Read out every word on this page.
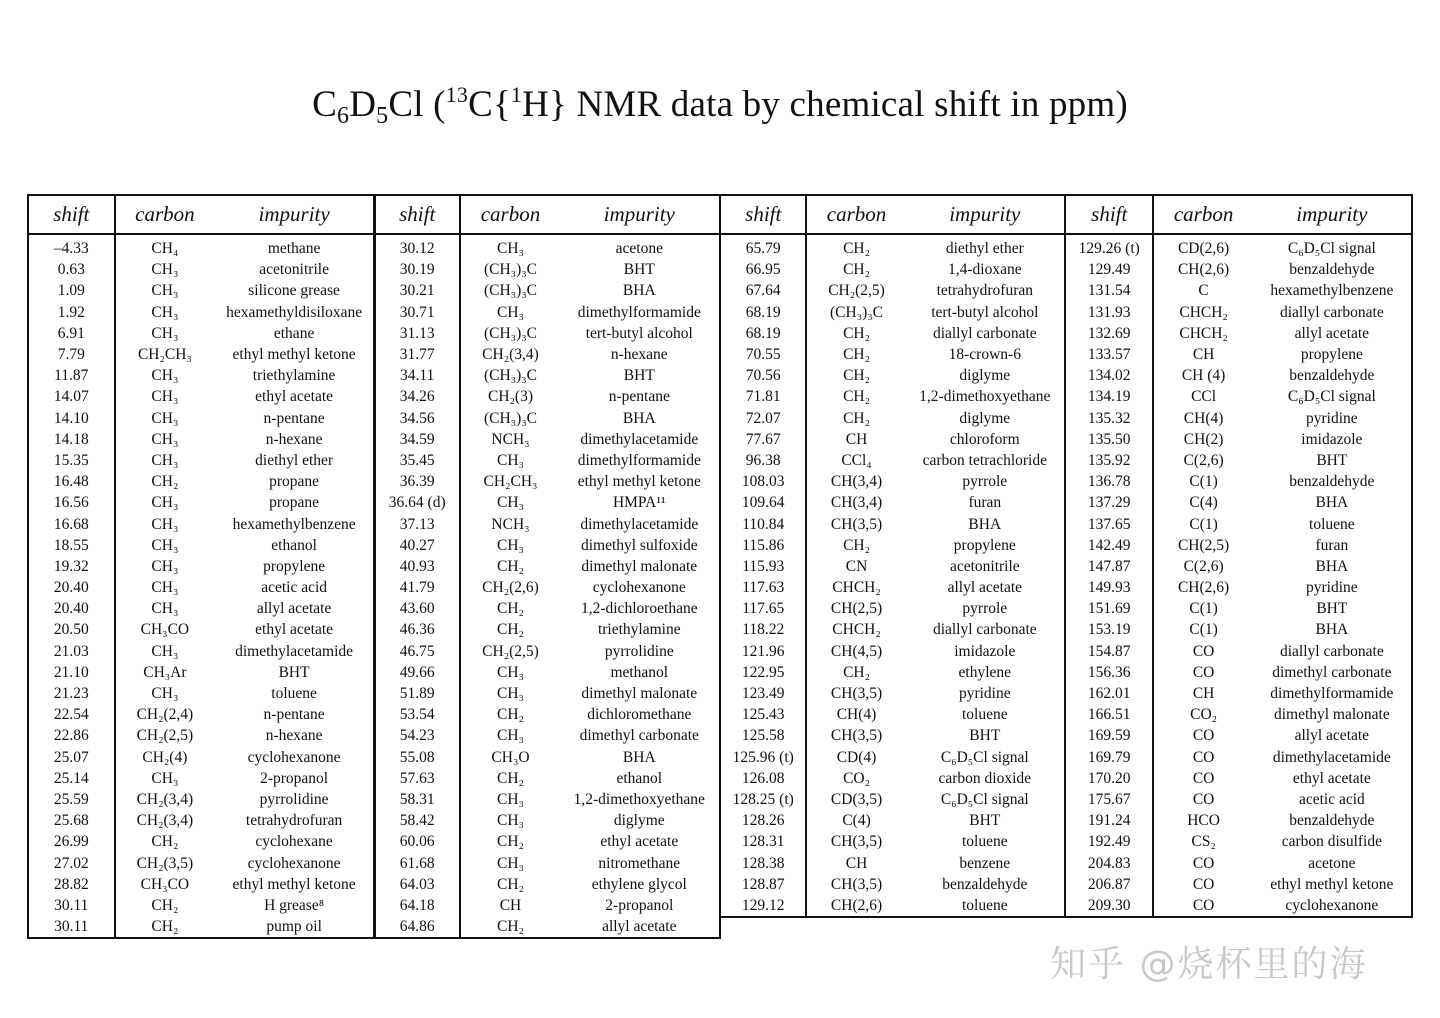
$C_6D_5Cl$ ($^{13}$C{$^1$H} NMR data by chemical shift in ppm)
shift	carbon	impurity
–4.33	CH₄	methane
0.63	CH₃	acetonitrile
1.09	CH₃	silicone grease
1.92	CH₃	hexamethyldisiloxane
6.91	CH₃	ethane
7.79	CH₂CH₃	ethyl methyl ketone
11.87	CH₃	triethylamine
14.07	CH₃	ethyl acetate
14.10	CH₃	n-pentane
14.18	CH₃	n-hexane
15.35	CH₃	diethyl ether
16.48	CH₂	propane
16.56	CH₃	propane
16.68	CH₃	hexamethylbenzene
18.55	CH₃	ethanol
19.32	CH₃	propylene
20.40	CH₃	acetic acid
20.40	CH₃	allyl acetate
20.50	CH₃CO	ethyl acetate
21.03	CH₃	dimethylacetamide
21.10	CH₃Ar	BHT
21.23	CH₃	toluene
22.54	CH₂(2,4)	n-pentane
22.86	CH₂(2,5)	n-hexane
25.07	CH₂(4)	cyclohexanone
25.14	CH₃	2-propanol
25.59	CH₂(3,4)	pyrrolidine
25.68	CH₂(3,4)	tetrahydrofuran
26.99	CH₂	cyclohexane
27.02	CH₂(3,5)	cyclohexanone
28.82	CH₃CO	ethyl methyl ketone
30.11	CH₂	H grease⁸
30.11	CH₂	pump oil
shift	carbon	impurity
30.12	CH₃	acetone
30.19	(CH₃)₃C	BHT
30.21	(CH₃)₃C	BHA
30.71	CH₃	dimethylformamide
31.13	(CH₃)₃C	tert-butyl alcohol
31.77	CH₂(3,4)	n-hexane
34.11	(CH₃)₃C	BHT
34.26	CH₂(3)	n-pentane
34.56	(CH₃)₃C	BHA
34.59	NCH₃	dimethylacetamide
35.45	CH₃	dimethylformamide
36.39	CH₂CH₃	ethyl methyl ketone
36.64 (d)	CH₃	HMPA¹¹
37.13	NCH₃	dimethylacetamide
40.27	CH₃	dimethyl sulfoxide
40.93	CH₂	dimethyl malonate
41.79	CH₂(2,6)	cyclohexanone
43.60	CH₂	1,2-dichloroethane
46.36	CH₂	triethylamine
46.75	CH₂(2,5)	pyrrolidine
49.66	CH₃	methanol
51.89	CH₃	dimethyl malonate
53.54	CH₂	dichloromethane
54.23	CH₃	dimethyl carbonate
55.08	CH₃O	BHA
57.63	CH₂	ethanol
58.31	CH₃	1,2-dimethoxyethane
58.42	CH₃	diglyme
60.06	CH₂	ethyl acetate
61.68	CH₃	nitromethane
64.03	CH₂	ethylene glycol
64.18	CH	2-propanol
64.86	CH₂	allyl acetate
shift	carbon	impurity
65.79	CH₂	diethyl ether
66.95	CH₂	1,4-dioxane
67.64	CH₂(2,5)	tetrahydrofuran
68.19	(CH₃)₃C	tert-butyl alcohol
68.19	CH₂	diallyl carbonate
70.55	CH₂	18-crown-6
70.56	CH₂	diglyme
71.81	CH₂	1,2-dimethoxyethane
72.07	CH₂	diglyme
77.67	CH	chloroform
96.38	CCl₄	carbon tetrachloride
108.03	CH(3,4)	pyrrole
109.64	CH(3,4)	furan
110.84	CH(3,5)	BHA
115.86	CH₂	propylene
115.93	CN	acetonitrile
117.63	CHCH₂	allyl acetate
117.65	CH(2,5)	pyrrole
118.22	CHCH₂	diallyl carbonate
121.96	CH(4,5)	imidazole
122.95	CH₂	ethylene
123.49	CH(3,5)	pyridine
125.43	CH(4)	toluene
125.58	CH(3,5)	BHT
125.96 (t)	CD(4)	C₆D₅Cl signal
126.08	CO₂	carbon dioxide
128.25 (t)	CD(3,5)	C₆D₅Cl signal
128.26	C(4)	BHT
128.31	CH(3,5)	toluene
128.38	CH	benzene
128.87	CH(3,5)	benzaldehyde
129.12	CH(2,6)	toluene
shift	carbon	impurity
129.26 (t)	CD(2,6)	C₆D₅Cl signal
129.49	CH(2,6)	benzaldehyde
131.54	C	hexamethylbenzene
131.93	CHCH₂	diallyl carbonate
132.69	CHCH₂	allyl acetate
133.57	CH	propylene
134.02	CH (4)	benzaldehyde
134.19	CCl	C₆D₅Cl signal
135.32	CH(4)	pyridine
135.50	CH(2)	imidazole
135.92	C(2,6)	BHT
136.78	C(1)	benzaldehyde
137.29	C(4)	BHA
137.65	C(1)	toluene
142.49	CH(2,5)	furan
147.87	C(2,6)	BHA
149.93	CH(2,6)	pyridine
151.69	C(1)	BHT
153.19	C(1)	BHA
154.87	CO	diallyl carbonate
156.36	CO	dimethyl carbonate
162.01	CH	dimethylformamide
166.51	CO₂	dimethyl malonate
169.59	CO	allyl acetate
169.79	CO	dimethylacetamide
170.20	CO	ethyl acetate
175.67	CO	acetic acid
191.24	HCO	benzaldehyde
192.49	CS₂	carbon disulfide
204.83	CO	acetone
206.87	CO	ethyl methyl ketone
209.30	CO	cyclohexanone
知乎 @烧杯里的海
